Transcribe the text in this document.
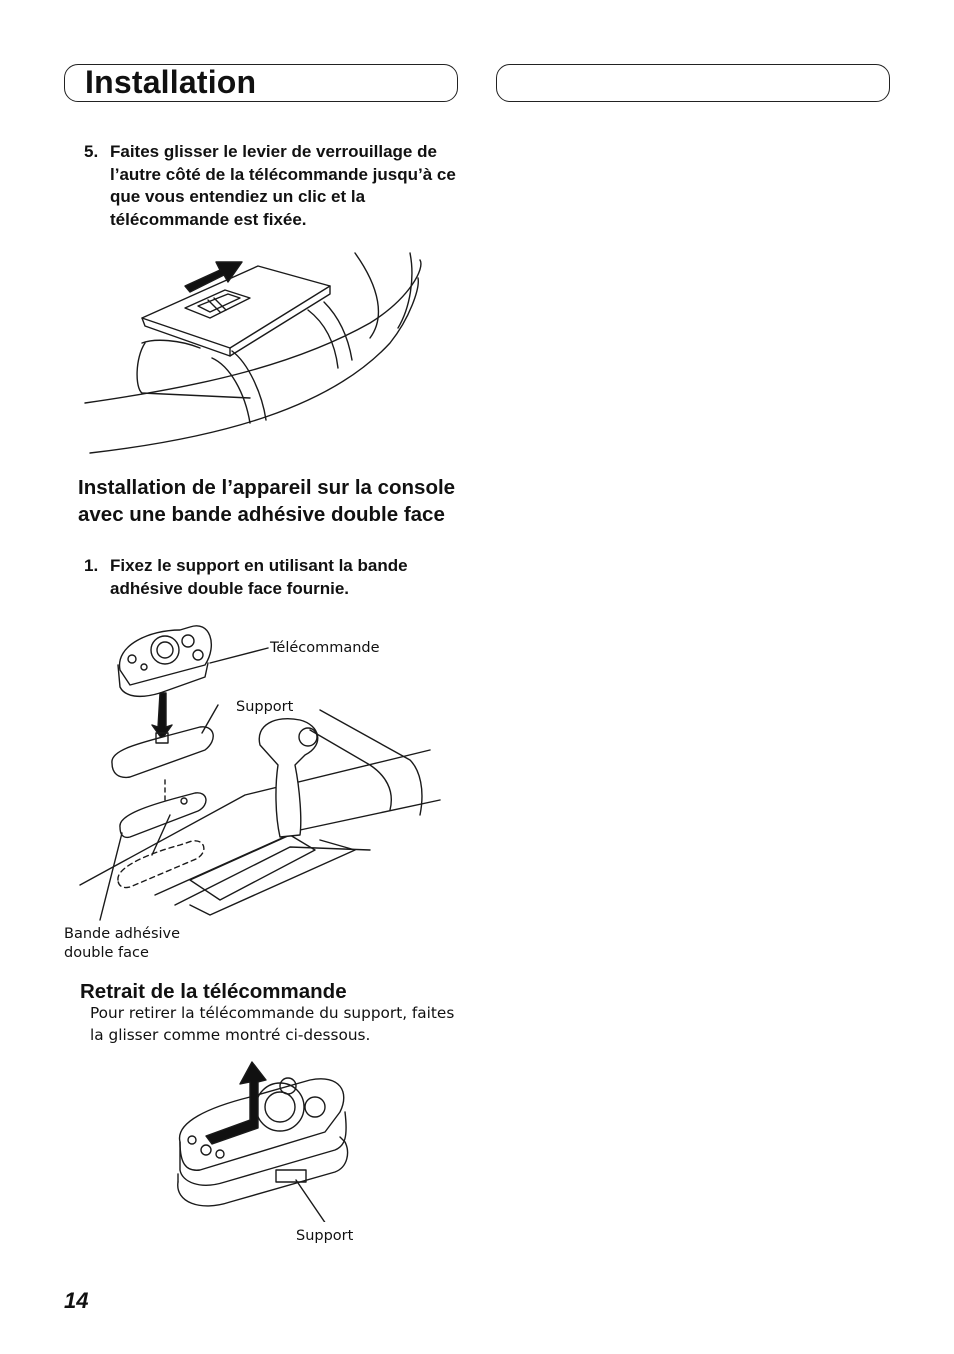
Installation
5. Faites glisser le levier de verrouillage de l’autre côté de la télécommande jusqu’à ce que vous entendiez un clic et la télécommande est fixée.
Installation de l’appareil sur la console avec une bande adhésive double face
1. Fixez le support en utilisant la bande adhésive double face fournie.
Télécommande
Support
Bande adhésive
double face
Retrait de la télécommande
Pour retirer la télécommande du support, faites la glisser comme montré ci-dessous.
Support
14
